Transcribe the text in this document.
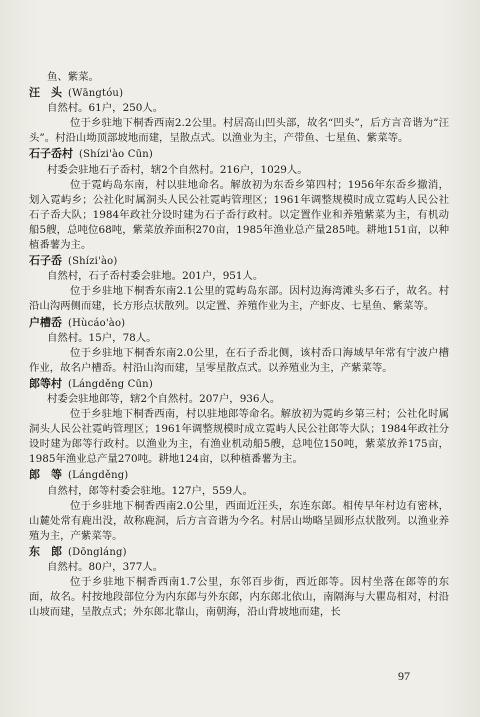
鱼、紫菜。

汪　头 (Wāngtóu)

自然村。61户，250人。

位于乡驻地下桐香西南2.2公里。村居高山凹头部，故名“凹头”，后方言音谐为“汪头”。村沿山坳顶部坡地而建，呈散点式。以渔业为主，产带鱼、七星鱼、紫菜等。

石子岙村 (Shízi'ào Cūn)

村委会驻地石子岙村，辖2个自然村。216户，1029人。

位于霓屿岛东南，村以驻地命名。解放初为东岙乡第四村；1956年东岙乡撤消，划入霓屿乡；公社化时属洞头人民公社霓屿管理区；1961年调整规模时成立霓屿人民公社石子岙大队；1984年政社分设时建为石子岙行政村。以定置作业和养殖紫菜为主，有机动船5艘，总吨位68吨，紫菜放养面积270亩，1985年渔业总产量285吨。耕地151亩，以种植番薯为主。

石子岙 (Shízi'ào)

自然村，石子岙村委会驻地。201户，951人。

位于乡驻地下桐香东南2.1公里的霓屿岛东部。因村边海湾滩头多石子，故名。村沿山沟两侧而建，长方形点状散列。以定置、养殖作业为主，产虾皮、七星鱼、紫菜等。

户槽岙 (Hùcáo'ào)

自然村。15户，78人。

位于乡驻地下桐香东南2.0公里，在石子岙北侧，该村岙口海域早年常有宁波户槽作业，故名户槽岙。村沿山沟而建，呈零星散点式。以养殖业为主，产紫菜等。

郎等村 (Lángděng Cūn)

村委会驻地郎等，辖2个自然村。207户，936人。

位于乡驻地下桐香西南，村以驻地郎等命名。解放初为霓屿乡第三村；公社化时属洞头人民公社霓屿管理区；1961年调整规模时成立霓屿人民公社郎等大队；1984年政社分设时建为郎等行政村。以渔业为主，有渔业机动船5艘，总吨位150吨，紫菜放养175亩，1985年渔业总产量270吨。耕地124亩，以种植番薯为主。

郎　等 (Lángděng)

自然村，郎等村委会驻地。127户，559人。

位于乡驻地下桐香西南2.0公里，西面近汪头，东连东郎。相传早年村边有密林，山麓处常有鹿出没，故称鹿洞，后方言音谐为今名。村居山坳略呈圆形点状散列。以渔业养殖为主，产紫菜等。

东　郎 (Dōngláng)

自然村。80户，377人。

位于乡驻地下桐香西南1.7公里，东邻百步街，西近郎等。因村坐落在郎等的东面，故名。村按地段部位分为内东郎与外东郎，内东郎北依山，南隔海与大瞿岛相对，村沿山坡而建，呈散点式；外东郎北靠山，南朝海，沿山背坡地而建，长

97
